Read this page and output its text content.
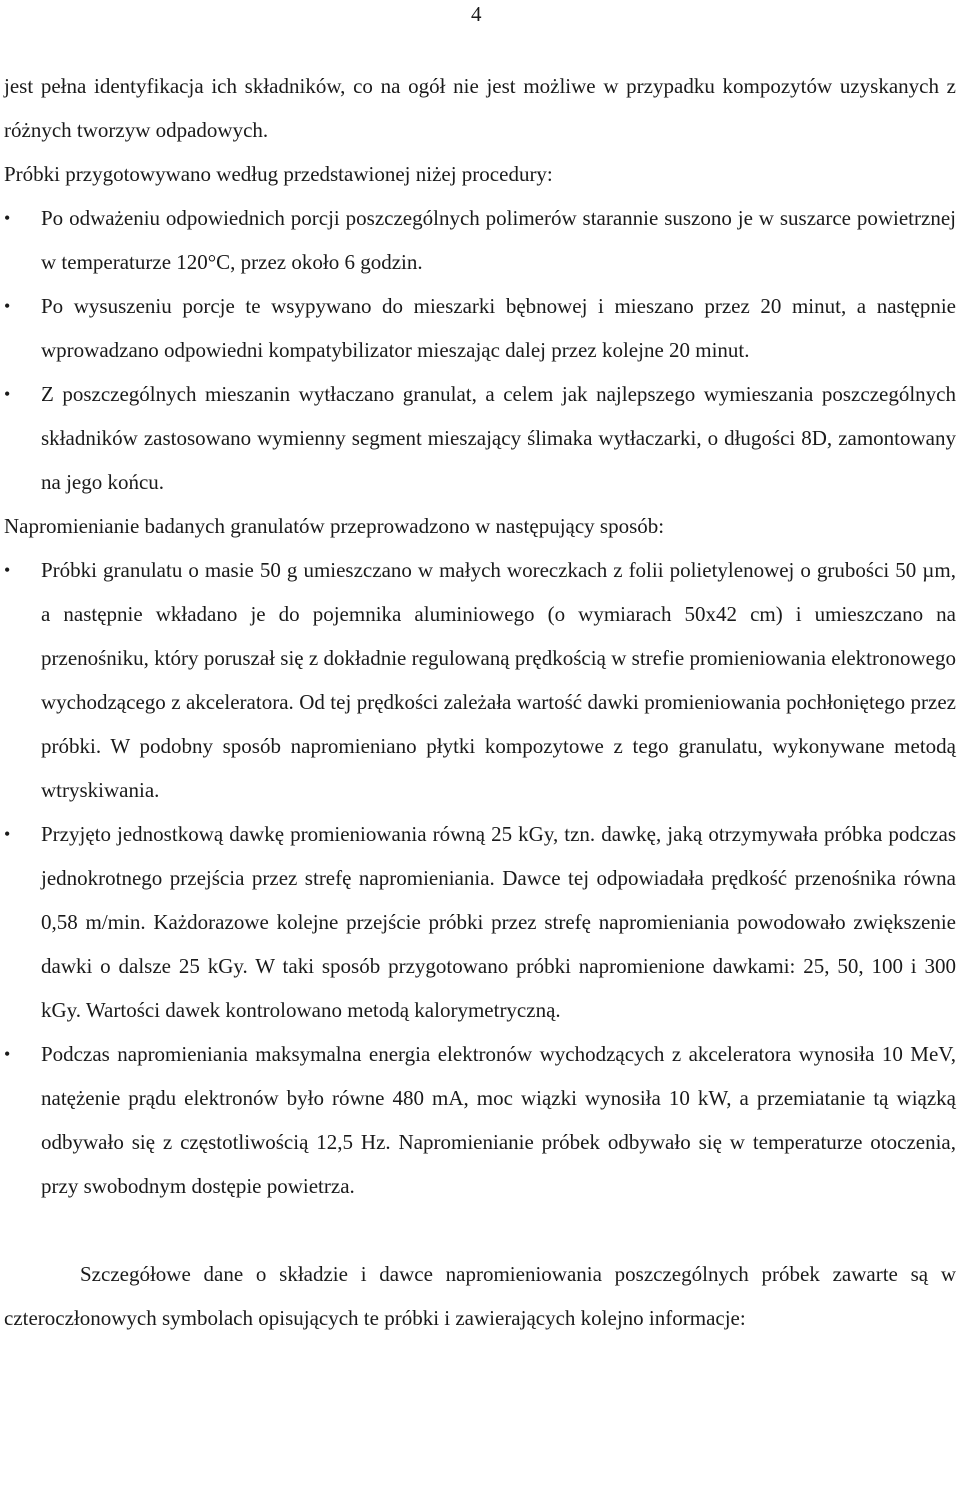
4

jest pełna identyfikacja ich składników, co na ogół nie jest możliwe w przypadku kompozytów uzyskanych z różnych tworzyw odpadowych.

Próbki przygotowywano według przedstawionej niżej procedury:

•	Po odważeniu odpowiednich porcji poszczególnych polimerów starannie suszono je w suszarce powietrznej w temperaturze 120°C, przez około 6 godzin.
•	Po wysuszeniu porcje te wsypywano do mieszarki bębnowej i mieszano przez 20 minut, a następnie wprowadzano odpowiedni kompatybilizator mieszając dalej przez kolejne 20 minut.
•	Z poszczególnych mieszanin wytłaczano granulat, a celem jak najlepszego wymieszania poszczególnych składników zastosowano wymienny segment mieszający ślimaka wytłaczarki, o długości 8D, zamontowany na jego końcu.

Napromienianie badanych granulatów przeprowadzono w następujący sposób:

•	Próbki granulatu o masie 50 g umieszczano w małych woreczkach z folii polietylenowej o grubości 50 µm, a następnie wkładano je do pojemnika aluminiowego (o wymiarach 50x42 cm) i umieszczano na przenośniku, który poruszał się z dokładnie regulowaną prędkością w strefie promieniowania elektronowego wychodzącego z akceleratora. Od tej prędkości zależała wartość dawki promieniowania pochłoniętego przez próbki. W podobny sposób napromieniano płytki kompozytowe z tego granulatu, wykonywane metodą wtryskiwania.
•	Przyjęto jednostkową dawkę promieniowania równą 25 kGy, tzn. dawkę, jaką otrzymywała próbka podczas jednokrotnego przejścia przez strefę napromieniania. Dawce tej odpowiadała prędkość przenośnika równa 0,58 m/min. Każdorazowe kolejne przejście próbki przez strefę napromieniania powodowało zwiększenie dawki o dalsze 25 kGy. W taki sposób przygotowano próbki napromienione dawkami: 25, 50, 100 i 300 kGy. Wartości dawek kontrolowano metodą kalorymetryczną.
•	Podczas napromieniania maksymalna energia elektronów wychodzących z akceleratora wynosiła 10 MeV, natężenie prądu elektronów było równe 480 mA, moc wiązki wynosiła 10 kW, a przemiatanie tą wiązką odbywało się z częstotliwością 12,5 Hz. Napromienianie próbek odbywało się w temperaturze otoczenia, przy swobodnym dostępie powietrza.

Szczegółowe dane o składzie i dawce napromieniowania poszczególnych próbek zawarte są w czteroczłonowych symbolach opisujących te próbki i zawierających kolejno informacje:
